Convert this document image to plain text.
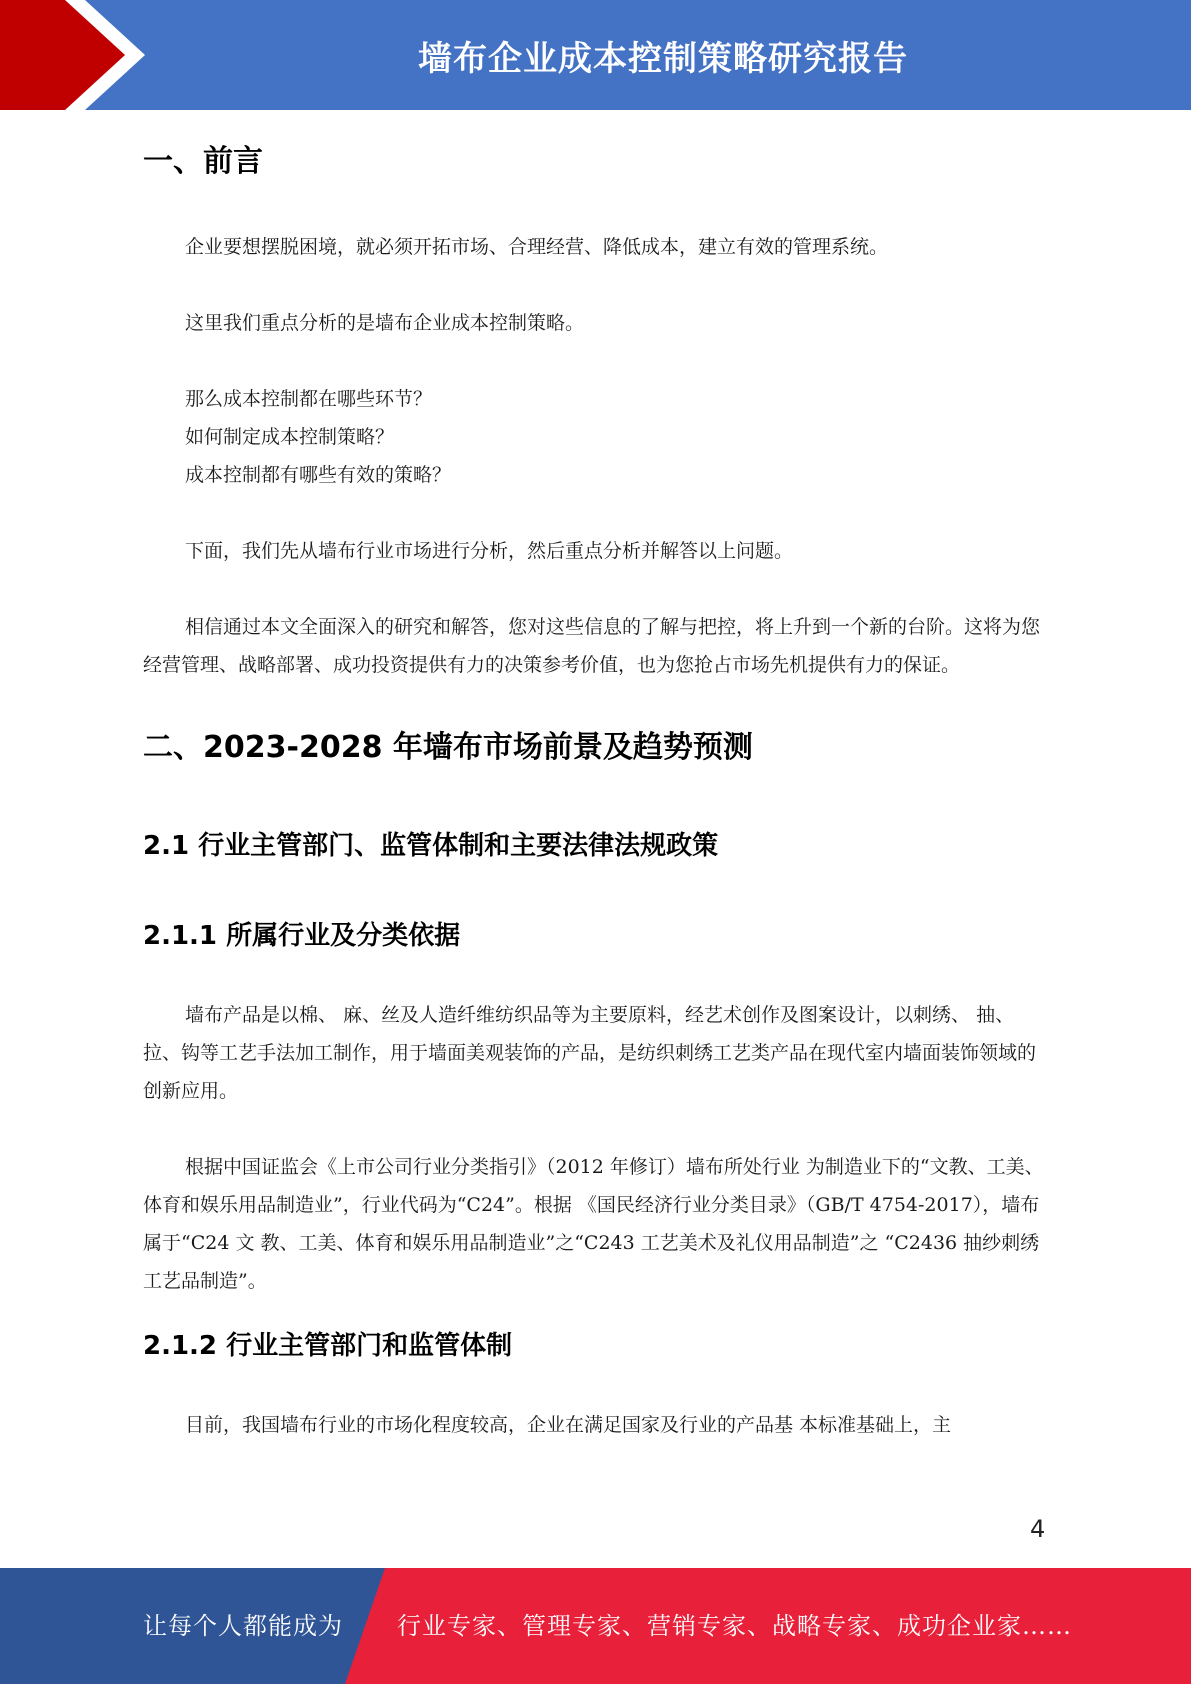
墙布企业成本控制策略研究报告
一、前言

企业要想摆脱困境，就必须开拓市场、合理经营、降低成本，建立有效的管理系统。

这里我们重点分析的是墙布企业成本控制策略。

那么成本控制都在哪些环节？

如何制定成本控制策略？

成本控制都有哪些有效的策略？

下面，我们先从墙布行业市场进行分析，然后重点分析并解答以上问题。

相信通过本文全面深入的研究和解答，您对这些信息的了解与把控，将上升到一个新的台阶。这将为您经营管理、战略部署、成功投资提供有力的决策参考价值，也为您抢占市场先机提供有力的保证。

二、2023-2028 年墙布市场前景及趋势预测
2.1 行业主管部门、监管体制和主要法律法规政策
2.1.1 所属行业及分类依据

墙布产品是以棉、 麻、丝及人造纤维纺织品等为主要原料，经艺术创作及图案设计，以刺绣、 抽、拉、钩等工艺手法加工制作，用于墙面美观装饰的产品，是纺织刺绣工艺类产品在现代室内墙面装饰领域的创新应用。

根据中国证监会《上市公司行业分类指引》（2012 年修订）墙布所处行业 为制造业下的“文教、工美、体育和娱乐用品制造业”，行业代码为“C24”。根据 《国民经济行业分类目录》（GB/T 4754-2017），墙布属于“C24 文 教、工美、体育和娱乐用品制造业”之“C243 工艺美术及礼仪用品制造”之 “C2436 抽纱刺绣工艺品制造”。

2.1.2 行业主管部门和监管体制

目前，我国墙布行业的市场化程度较高，企业在满足国家及行业的产品基 本标准基础上，主

4
让每个人都能成为 行业专家、管理专家、营销专家、战略专家、成功企业家……
